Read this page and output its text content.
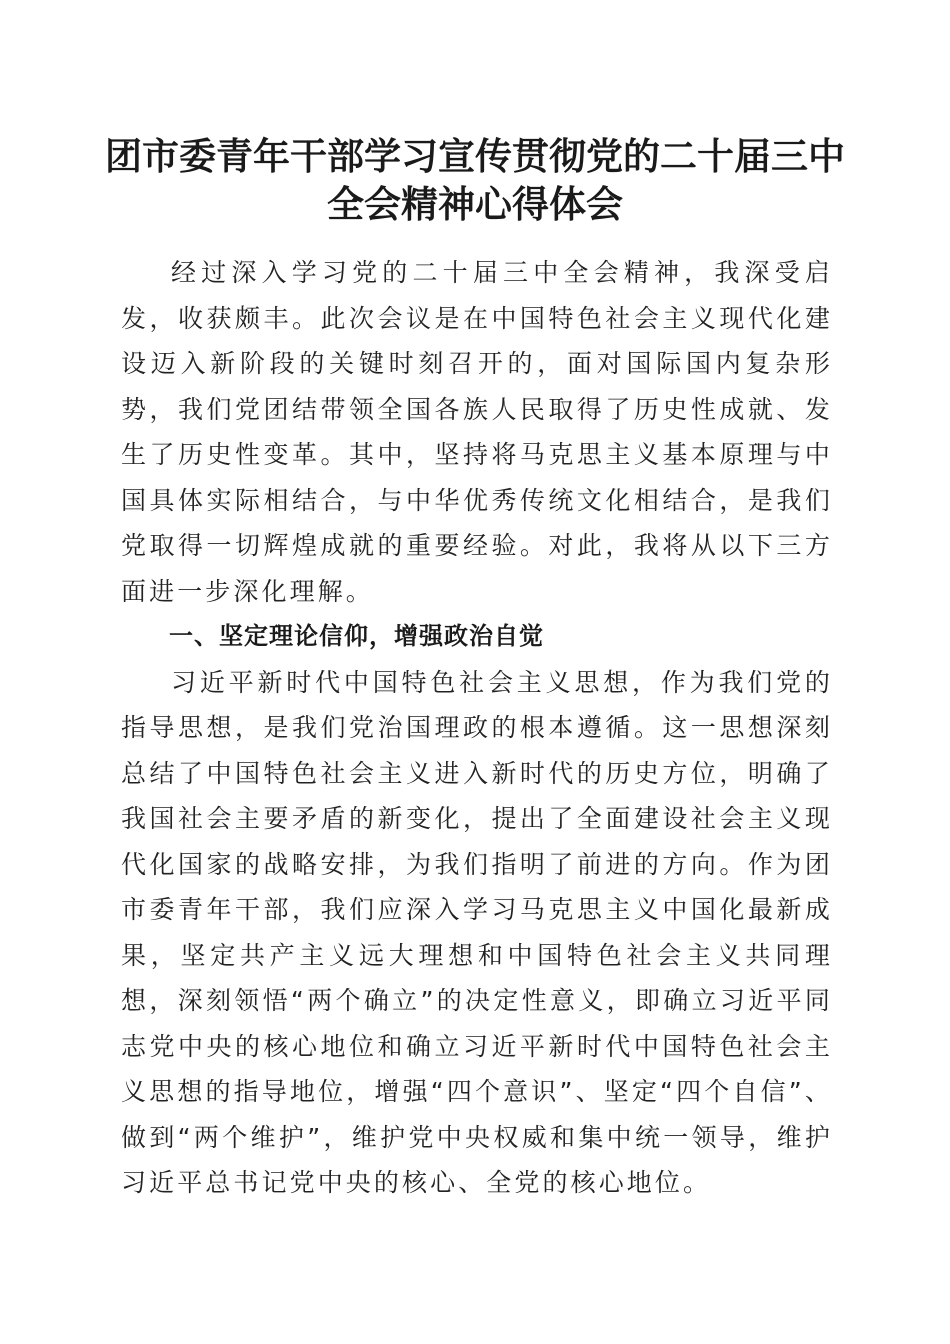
团市委青年干部学习宣传贯彻党的二十届三中
全会精神心得体会

经过深入学习党的二十届三中全会精神，我深受启发，收获颇丰。此次会议是在中国特色社会主义现代化建设迈入新阶段的关键时刻召开的，面对国际国内复杂形势，我们党团结带领全国各族人民取得了历史性成就、发生了历史性变革。其中，坚持将马克思主义基本原理与中国具体实际相结合，与中华优秀传统文化相结合，是我们党取得一切辉煌成就的重要经验。对此，我将从以下三方面进一步深化理解。

一、坚定理论信仰，增强政治自觉

习近平新时代中国特色社会主义思想，作为我们党的指导思想，是我们党治国理政的根本遵循。这一思想深刻总结了中国特色社会主义进入新时代的历史方位，明确了我国社会主要矛盾的新变化，提出了全面建设社会主义现代化国家的战略安排，为我们指明了前进的方向。作为团市委青年干部，我们应深入学习马克思主义中国化最新成果，坚定共产主义远大理想和中国特色社会主义共同理想，深刻领悟“两个确立”的决定性意义，即确立习近平同志党中央的核心地位和确立习近平新时代中国特色社会主义思想的指导地位，增强“四个意识”、坚定“四个自信”、做到“两个维护”，维护党中央权威和集中统一领导，维护习近平总书记党中央的核心、全党的核心地位。
